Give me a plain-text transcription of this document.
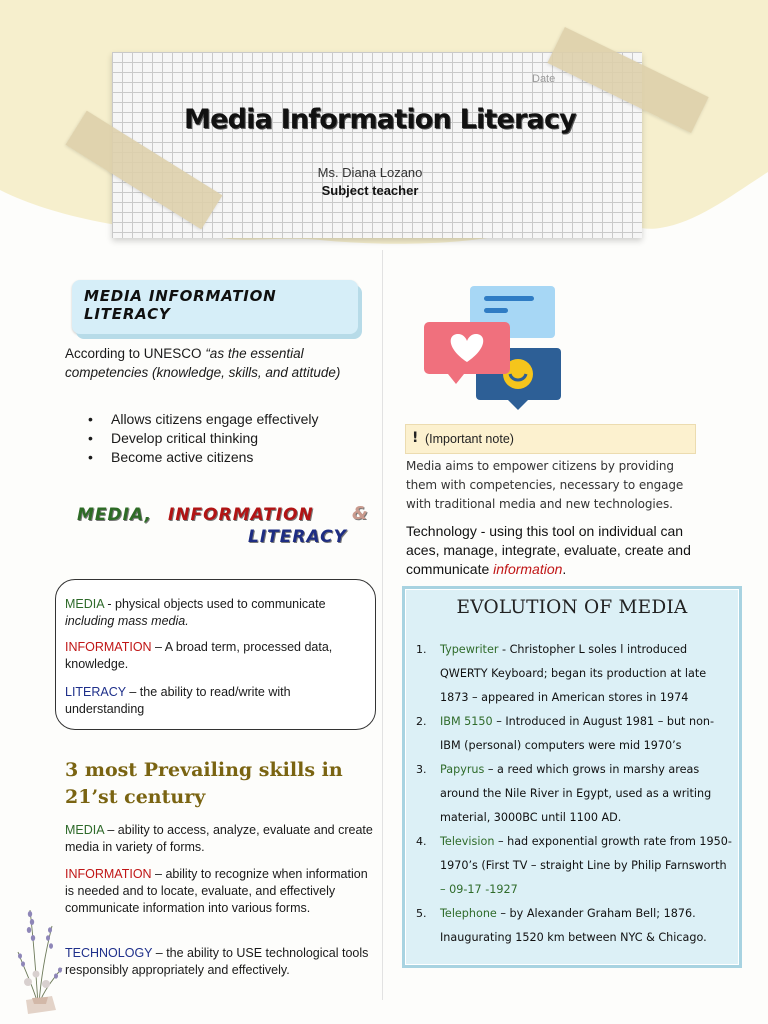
Date
Media Information Literacy
Ms. Diana Lozano
Subject teacher
MEDIA INFORMATION LITERACY
According to UNESCO “as the essential competencies (knowledge, skills, and attitude)
• Allows citizens engage effectively
• Develop critical thinking
• Become active citizens
MEDIA, INFORMATION &
LITERACY
MEDIA - physical objects used to communicate including mass media.
INFORMATION – A broad term, processed data, knowledge.
LITERACY – the ability to read/write with understanding
3 most Prevailing skills in 21’st century
MEDIA – ability to access, analyze, evaluate and create media in variety of forms.
INFORMATION – ability to recognize when information is needed and to locate, evaluate, and effectively communicate information into various forms.
TECHNOLOGY – the ability to USE technological tools responsibly appropriately and effectively.
! (Important note)
Media aims to empower citizens by providing them with competencies, necessary to engage with traditional media and new technologies.
Technology - using this tool on individual can aces, manage, integrate, evaluate, create and communicate information.
EVOLUTION OF MEDIA
1. Typewriter - Christopher L soles l introduced QWERTY Keyboard; began its production at late 1873 – appeared in American stores in 1974
2. IBM 5150 – Introduced in August 1981 – but non-IBM (personal) computers were mid 1970’s
3. Papyrus – a reed which grows in marshy areas around the Nile River in Egypt, used as a writing material, 3000BC until 1100 AD.
4. Television – had exponential growth rate from 1950-1970’s (First TV – straight Line by Philip Farnsworth – 09-17 -1927
5. Telephone – by Alexander Graham Bell; 1876. Inaugurating 1520 km between NYC & Chicago.
